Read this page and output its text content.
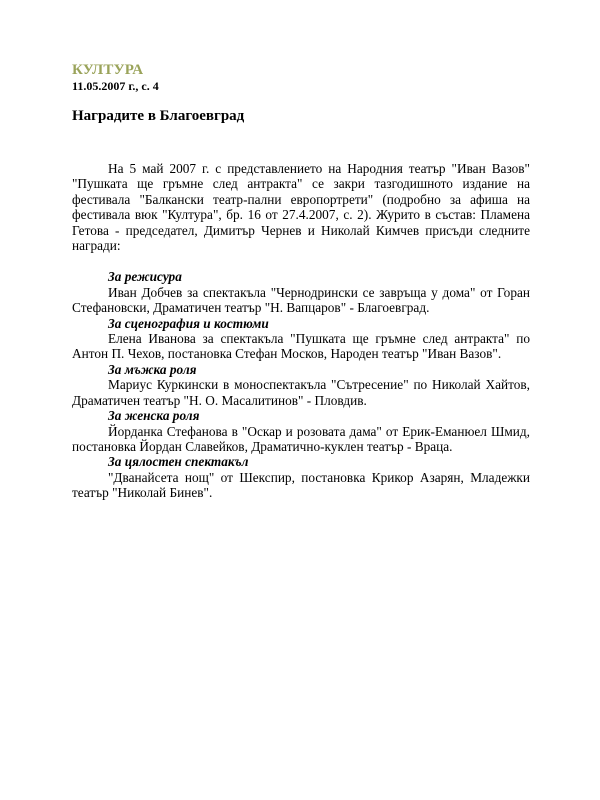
КУЛТУРА
11.05.2007 г., с. 4
Наградите в Благоевград
На 5 май 2007 г. с представлението на Народния театър "Иван Вазов" "Пушката ще гръмне след антракта" се закри тазгодишното издание на фестивала "Балкански театр-пални европортрети" (подробно за афиша на фестивала вюк "Култура", бр. 16 от 27.4.2007, с. 2). Журито в състав: Пламена Гетова - председател, Димитър Чернев и Николай Кимчев присъди следните награди:
За режисура
Иван Добчев за спектакъла "Чернодрински се завръща у дома" от Горан Стефановски, Драматичен театър "Н. Вапцаров" - Благоевград.
За сценография и костюми
Елена Иванова за спектакъла "Пушката ще гръмне след антракта" по Антон П. Чехов, постановка Стефан Москов, Народен театър "Иван Вазов".
За мъжка роля
Мариус Куркински в моноспектакъла "Сътресение" по Николай Хайтов, Драматичен театър "Н. О. Масалитинов" - Пловдив.
За женска роля
Йорданка Стефанова в "Оскар и розовата дама" от Ерик-Еманюел Шмид, постановка Йордан Славейков, Драматично-куклен театър - Враца.
За цялостен спектакъл
"Дванайсета нощ" от Шекспир, постановка Крикор Азарян, Младежки театър "Николай Бинев".
